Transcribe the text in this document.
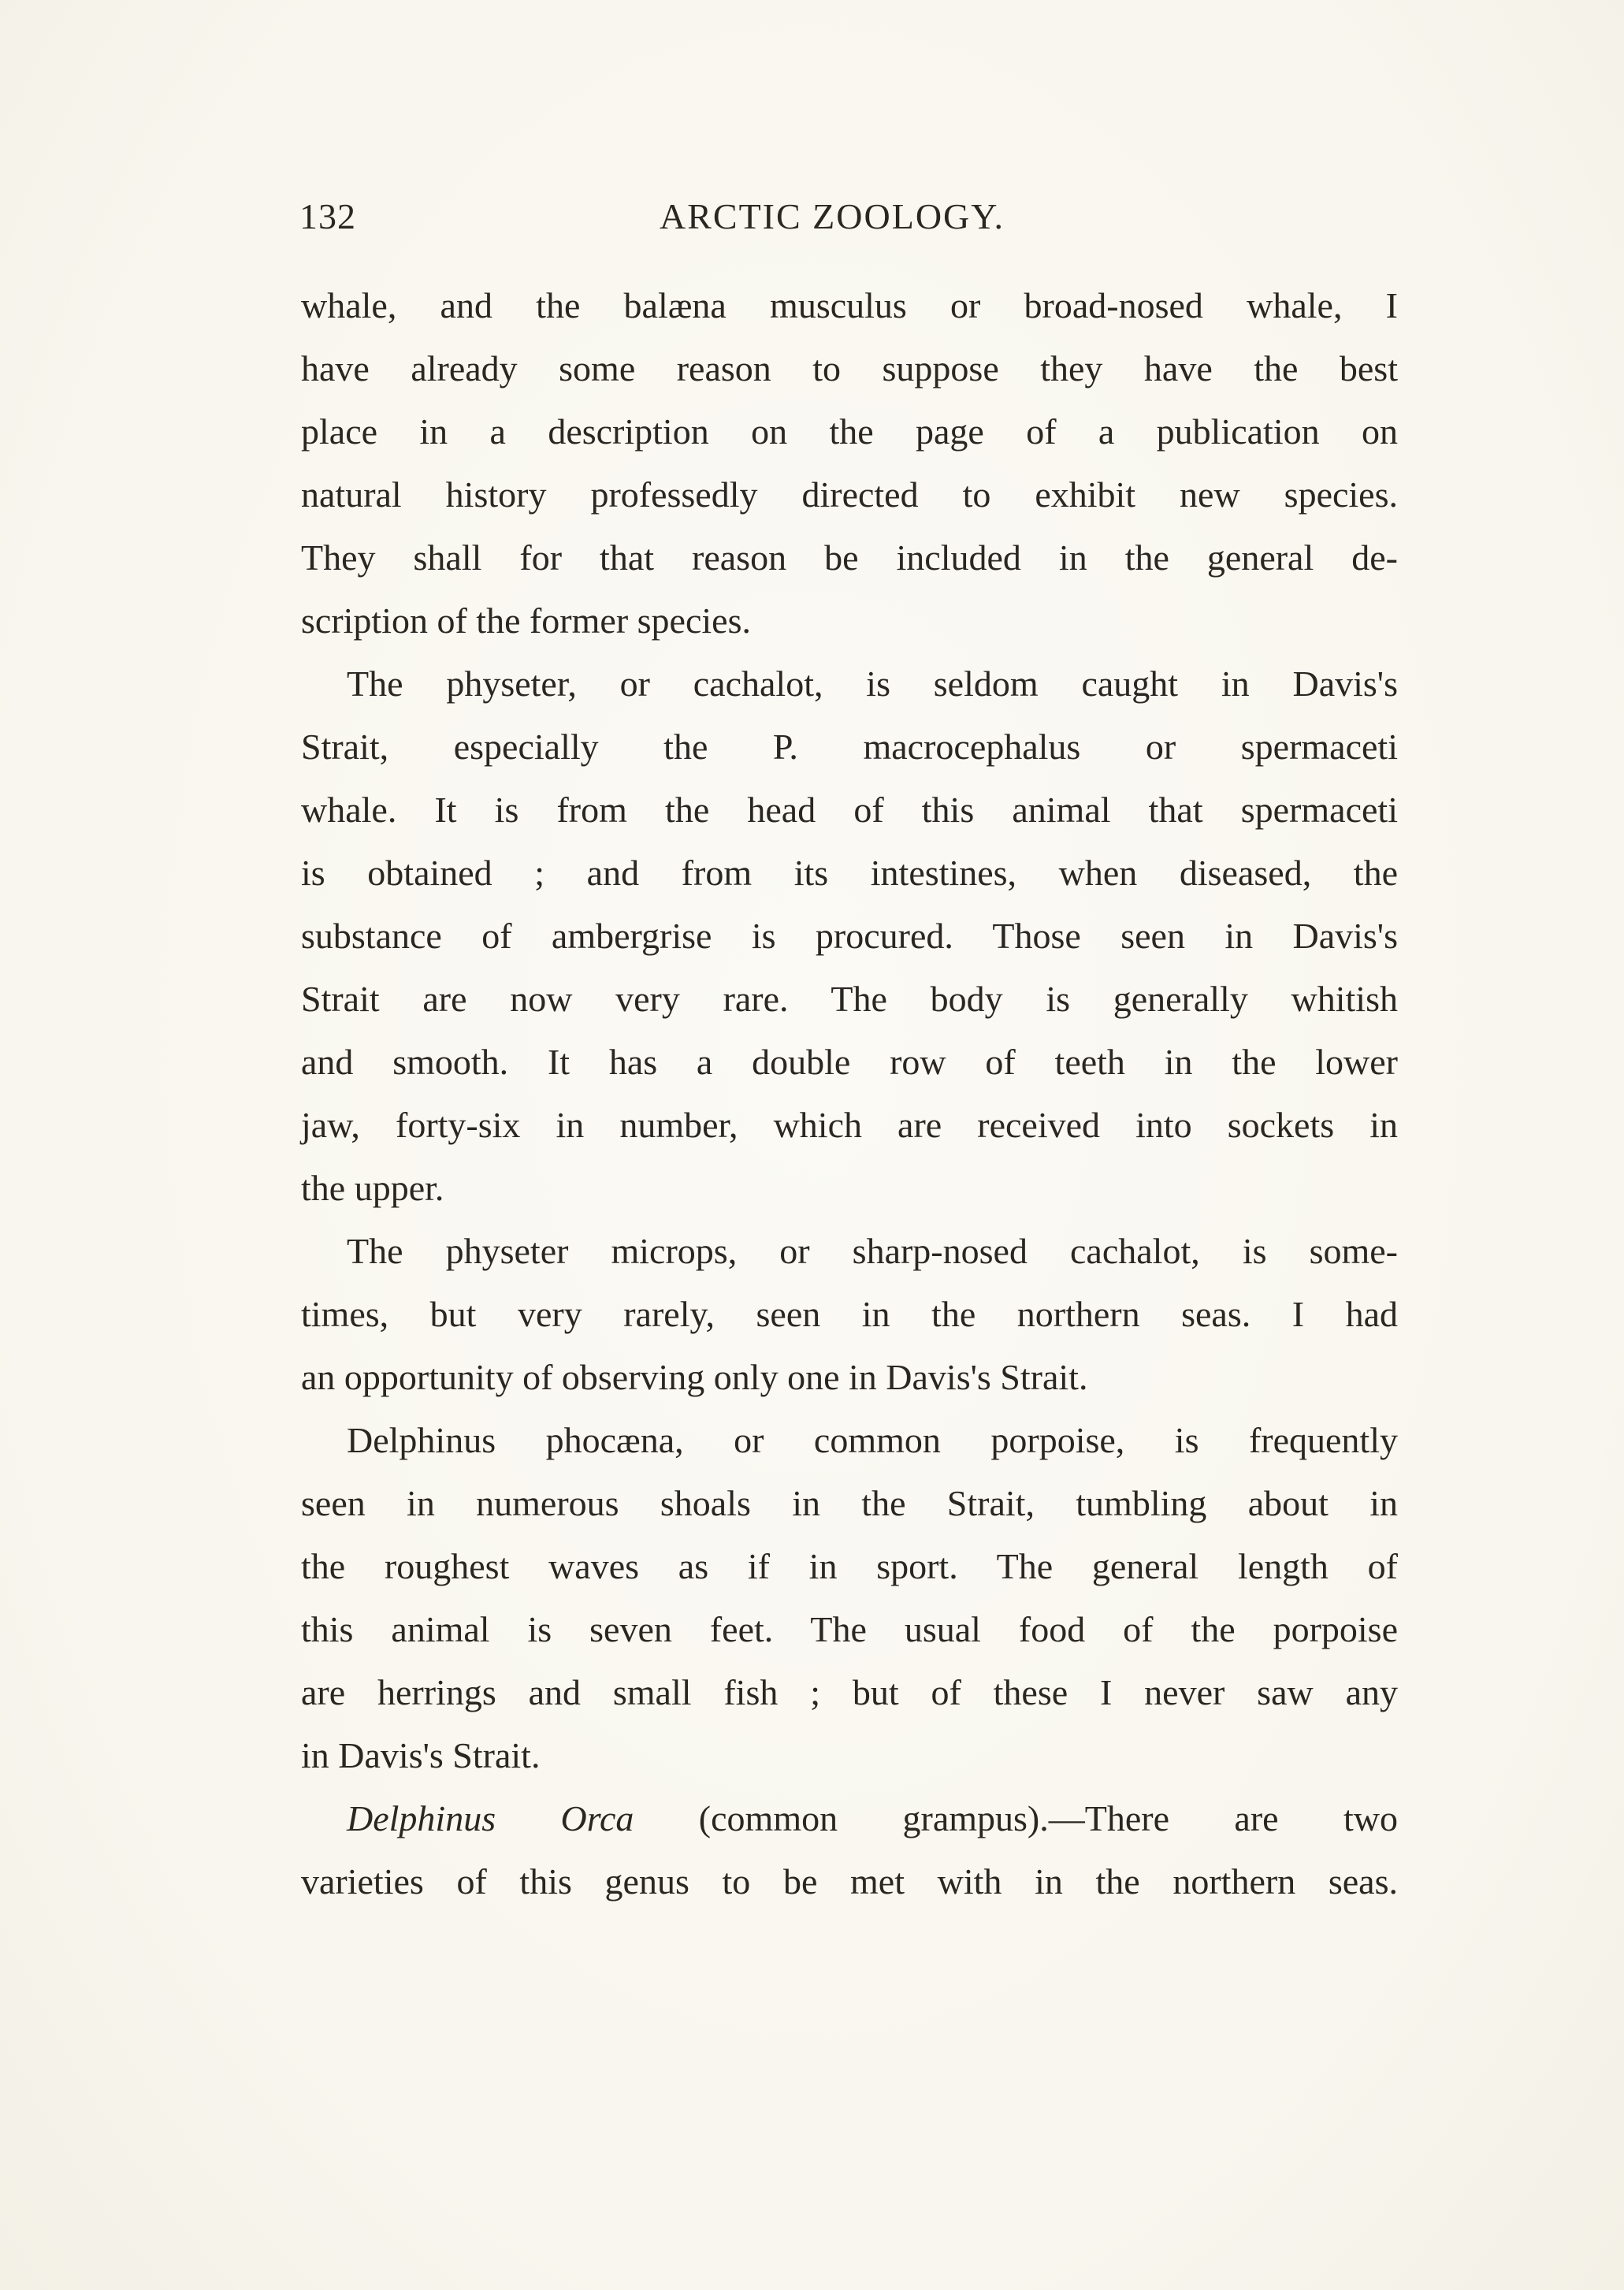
132	ARCTIC ZOOLOGY.
whale, and the balæna musculus or broad-nosed whale, I
have already some reason to suppose they have the best
place in a description on the page of a publication on
natural history professedly directed to exhibit new species.
They shall for that reason be included in the general de-
scription of the former species.
The physeter, or cachalot, is seldom caught in Davis's
Strait, especially the P. macrocephalus or spermaceti
whale. It is from the head of this animal that spermaceti
is obtained ; and from its intestines, when diseased, the
substance of ambergrise is procured. Those seen in Davis's
Strait are now very rare. The body is generally whitish
and smooth. It has a double row of teeth in the lower
jaw, forty-six in number, which are received into sockets in
the upper.
The physeter microps, or sharp-nosed cachalot, is some-
times, but very rarely, seen in the northern seas. I had
an opportunity of observing only one in Davis's Strait.
Delphinus phocæna, or common porpoise, is frequently
seen in numerous shoals in the Strait, tumbling about in
the roughest waves as if in sport. The general length of
this animal is seven feet. The usual food of the porpoise
are herrings and small fish ; but of these I never saw any
in Davis's Strait.
Delphinus Orca (common grampus).—There are two
varieties of this genus to be met with in the northern seas.
